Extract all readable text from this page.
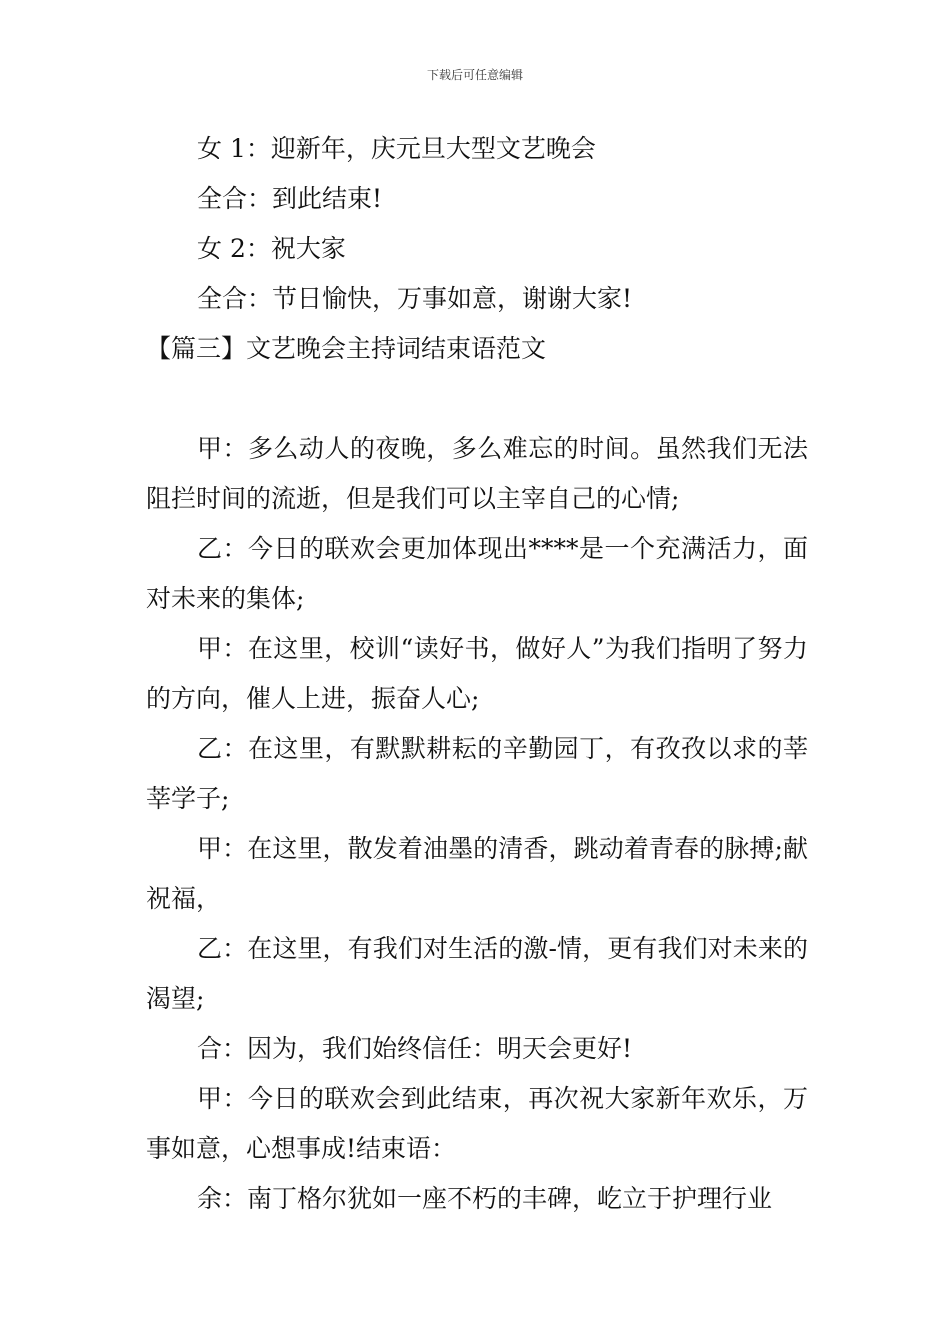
下载后可任意编辑
女 1：迎新年，庆元旦大型文艺晚会
全合：到此结束!
女 2：祝大家
全合：节日愉快，万事如意，谢谢大家!
【篇三】文艺晚会主持词结束语范文
甲：多么动人的夜晚，多么难忘的时间。虽然我们无法阻拦时间的流逝，但是我们可以主宰自己的心情;
乙：今日的联欢会更加体现出****是一个充满活力，面对未来的集体;
甲：在这里，校训“读好书，做好人”为我们指明了努力的方向，催人上进，振奋人心;
乙：在这里，有默默耕耘的辛勤园丁，有孜孜以求的莘莘学子;
甲：在这里，散发着油墨的清香，跳动着青春的脉搏;献祝福，
乙：在这里，有我们对生活的激-情，更有我们对未来的渴望;
合：因为，我们始终信任：明天会更好!
甲：今日的联欢会到此结束，再次祝大家新年欢乐，万事如意，心想事成!结束语：
余：南丁格尔犹如一座不朽的丰碑，屹立于护理行业
